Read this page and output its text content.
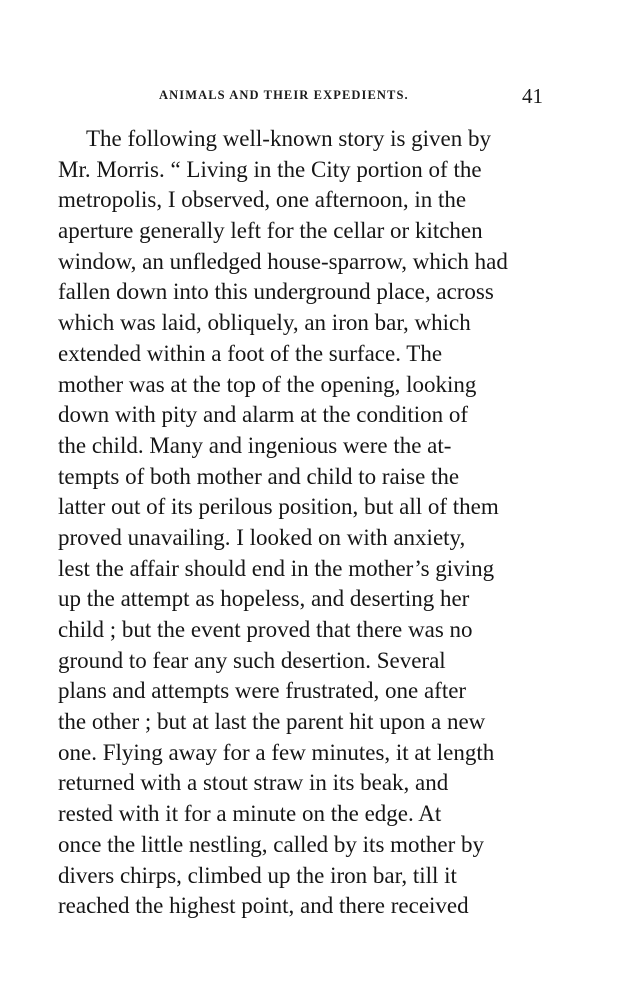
ANIMALS AND THEIR EXPEDIENTS.	41
The following well-known story is given by
Mr. Morris. “ Living in the City portion of the
metropolis, I observed, one afternoon, in the
aperture generally left for the cellar or kitchen
window, an unfledged house-sparrow, which had
fallen down into this underground place, across
which was laid, obliquely, an iron bar, which
extended within a foot of the surface. The
mother was at the top of the opening, looking
down with pity and alarm at the condition of
the child. Many and ingenious were the at-
tempts of both mother and child to raise the
latter out of its perilous position, but all of them
proved unavailing. I looked on with anxiety,
lest the affair should end in the mother’s giving
up the attempt as hopeless, and deserting her
child ; but the event proved that there was no
ground to fear any such desertion. Several
plans and attempts were frustrated, one after
the other ; but at last the parent hit upon a new
one. Flying away for a few minutes, it at length
returned with a stout straw in its beak, and
rested with it for a minute on the edge. At
once the little nestling, called by its mother by
divers chirps, climbed up the iron bar, till it
reached the highest point, and there received
